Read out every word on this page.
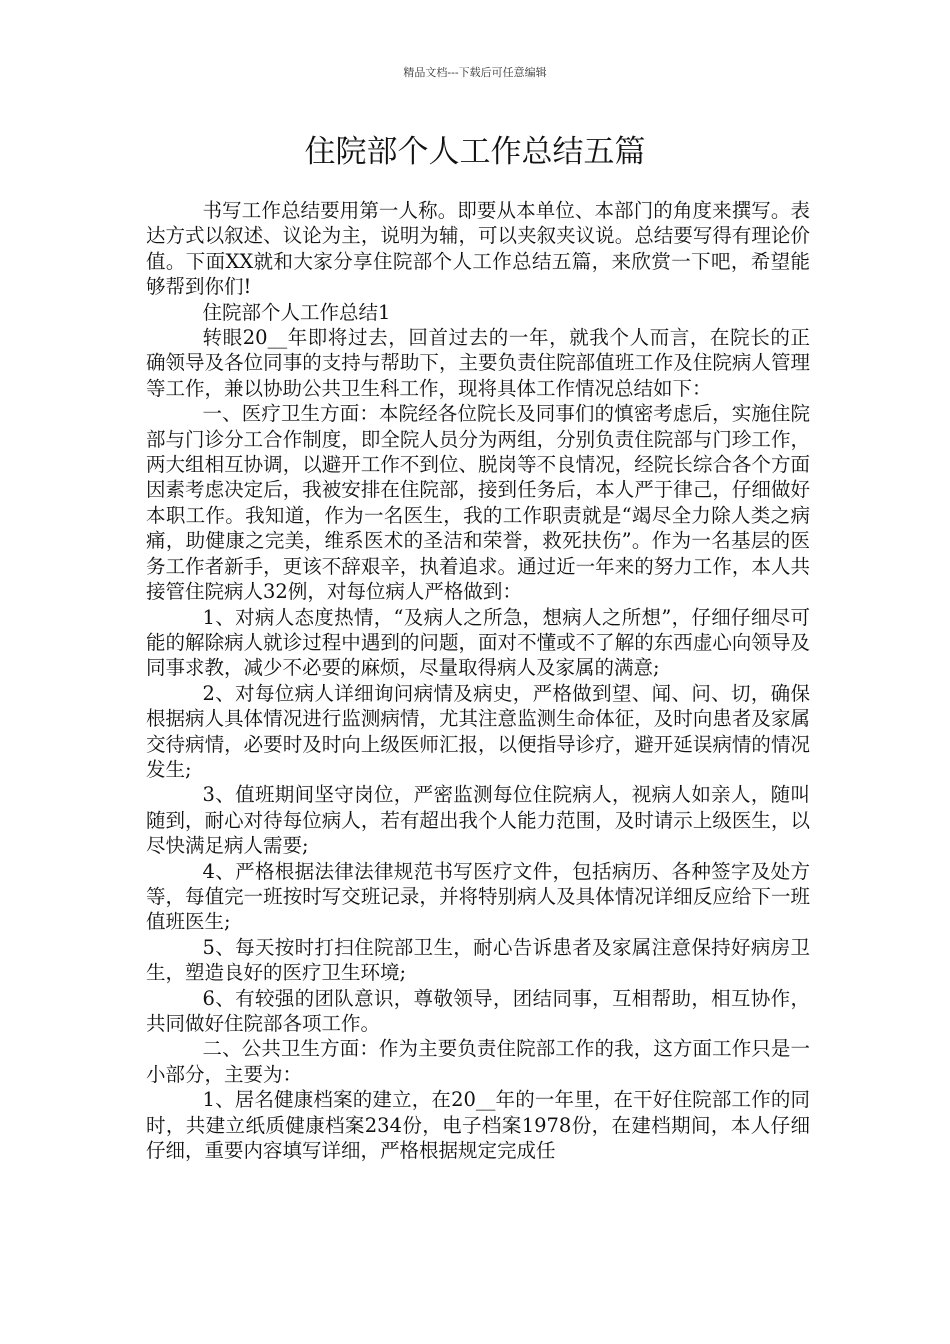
精品文档---下载后可任意编辑
住院部个人工作总结五篇

书写工作总结要用第一人称。即要从本单位、本部门的角度来撰写。表达方式以叙述、议论为主，说明为辅，可以夹叙夹议说。总结要写得有理论价值。下面XX就和大家分享住院部个人工作总结五篇，来欣赏一下吧，希望能够帮到你们!

住院部个人工作总结1

转眼20__年即将过去，回首过去的一年，就我个人而言，在院长的正确领导及各位同事的支持与帮助下，主要负责住院部值班工作及住院病人管理等工作，兼以协助公共卫生科工作，现将具体工作情况总结如下：

一、医疗卫生方面：本院经各位院长及同事们的慎密考虑后，实施住院部与门诊分工合作制度，即全院人员分为两组，分别负责住院部与门珍工作，两大组相互协调，以避开工作不到位、脱岗等不良情况，经院长综合各个方面因素考虑决定后，我被安排在住院部，接到任务后，本人严于律己，仔细做好本职工作。我知道，作为一名医生，我的工作职责就是“竭尽全力除人类之病痛，助健康之完美，维系医术的圣洁和荣誉，救死扶伤”。作为一名基层的医务工作者新手，更该不辞艰辛，执着追求。通过近一年来的努力工作，本人共接管住院病人32例，对每位病人严格做到：

1、对病人态度热情，“及病人之所急，想病人之所想”，仔细仔细尽可能的解除病人就诊过程中遇到的问题，面对不懂或不了解的东西虚心向领导及同事求教，减少不必要的麻烦，尽量取得病人及家属的满意;

2、对每位病人详细询问病情及病史，严格做到望、闻、问、切，确保根据病人具体情况进行监测病情，尤其注意监测生命体征，及时向患者及家属交待病情，必要时及时向上级医师汇报，以便指导诊疗，避开延误病情的情况发生;

3、值班期间坚守岗位，严密监测每位住院病人，视病人如亲人，随叫随到，耐心对待每位病人，若有超出我个人能力范围，及时请示上级医生，以尽快满足病人需要;

4、严格根据法律法律规范书写医疗文件，包括病历、各种签字及处方等，每值完一班按时写交班记录，并将特别病人及具体情况详细反应给下一班值班医生;

5、每天按时打扫住院部卫生，耐心告诉患者及家属注意保持好病房卫生，塑造良好的医疗卫生环境;

6、有较强的团队意识，尊敬领导，团结同事，互相帮助，相互协作，共同做好住院部各项工作。

二、公共卫生方面：作为主要负责住院部工作的我，这方面工作只是一小部分，主要为：

1、居名健康档案的建立，在20__年的一年里，在干好住院部工作的同时，共建立纸质健康档案234份，电子档案1978份，在建档期间，本人仔细仔细，重要内容填写详细，严格根据规定完成任
